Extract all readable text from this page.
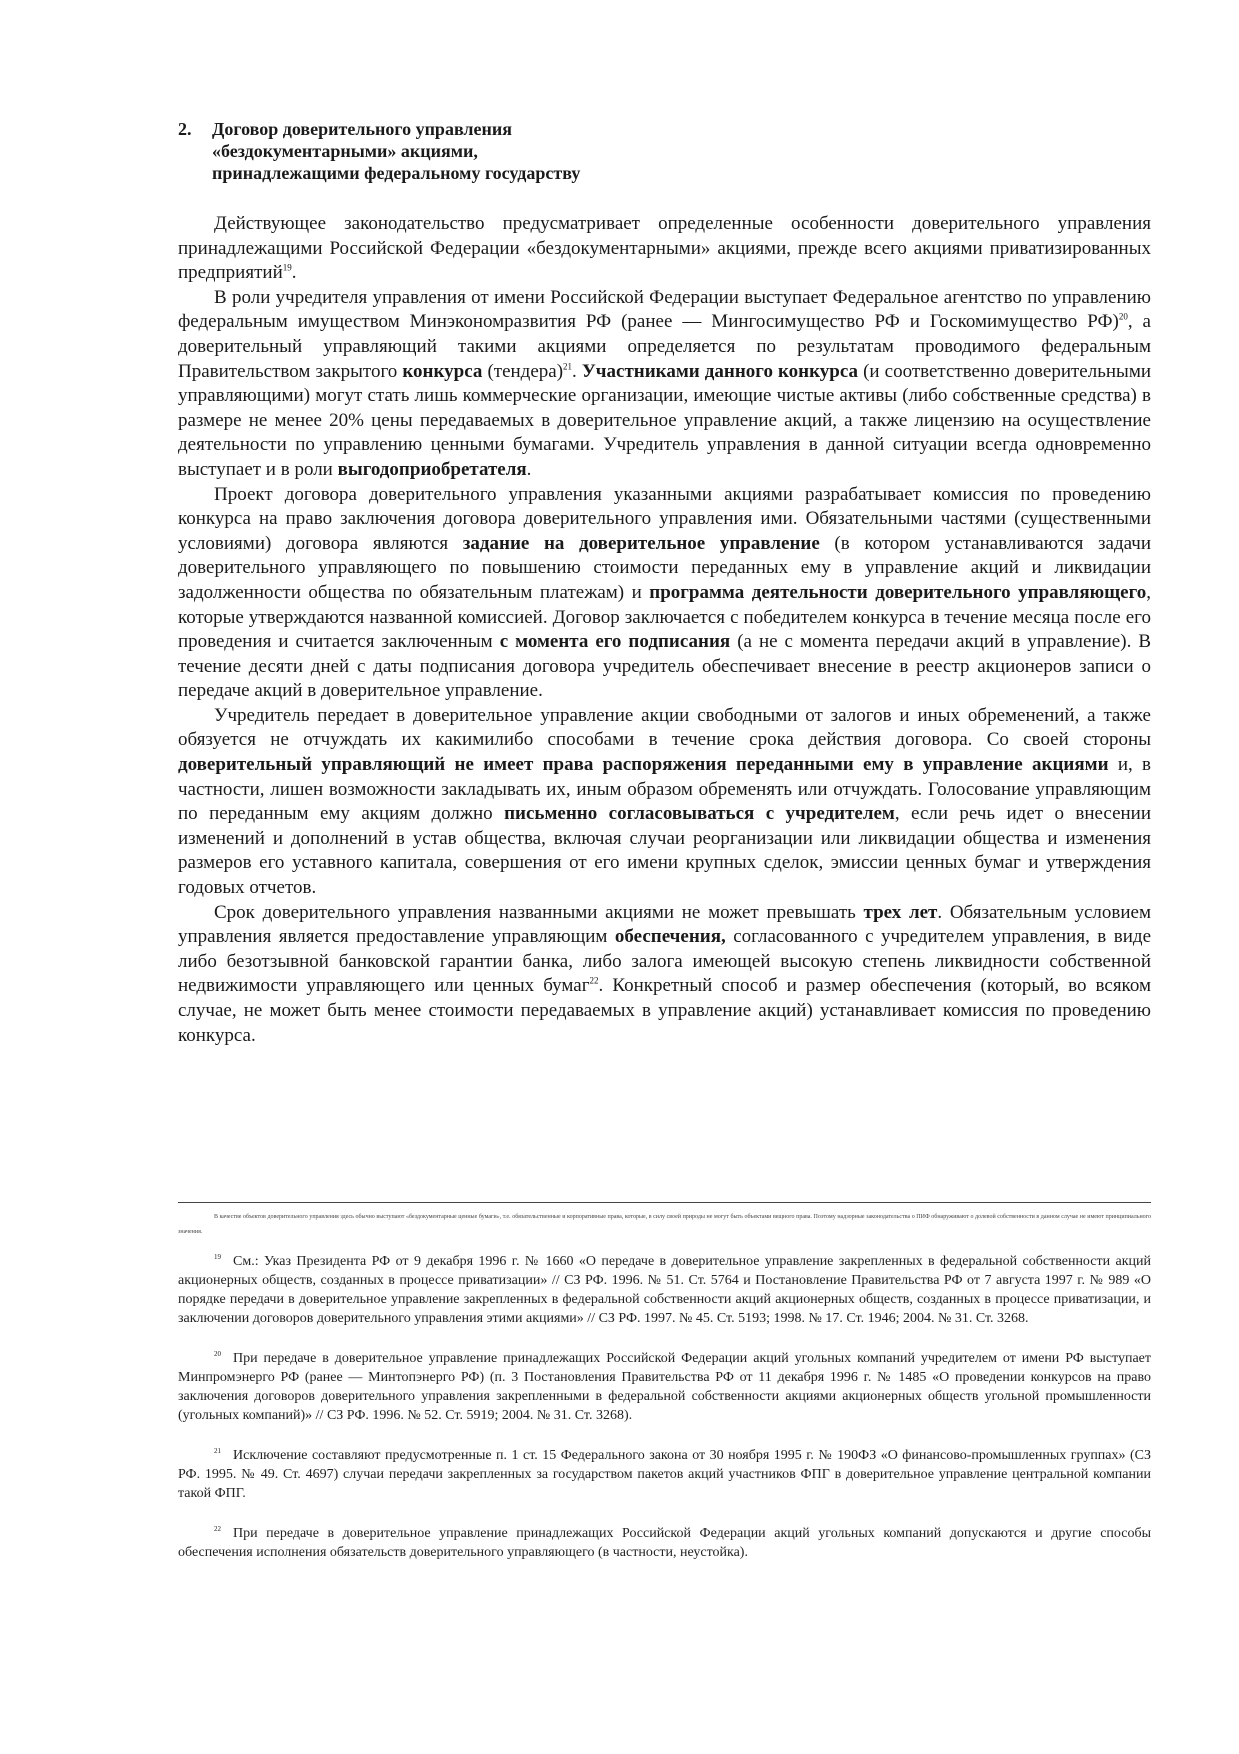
2.	Договор доверительного управления
«бездокументарными» акциями,
принадлежащими федеральному государству

Действующее законодательство предусматривает определенные особенности доверительного управления принадлежащими Российской Федерации «бездокументарными» акциями, прежде всего акциями приватизированных предприятий$^{19}$.

В роли учредителя управления от имени Российской Федерации выступает Федеральное агентство по управлению федеральным имуществом Минэкономразвития РФ (ранее — Мингосимущество РФ и Госкомимущество РФ)$^{20}$, а доверительный управляющий такими акциями определяется по результатам проводимого федеральным Правительством закрытого конкурса (тендера)$^{21}$. Участниками данного конкурса (и соответственно доверительными управляющими) могут стать лишь коммерческие организации, имеющие чистые активы (либо собственные средства) в размере не менее 20% цены передаваемых в доверительное управление акций, а также лицензию на осуществление деятельности по управлению ценными бумагами. Учредитель управления в данной ситуации всегда одновременно выступает и в роли выгодоприобретателя.

Проект договора доверительного управления указанными акциями разрабатывает комиссия по проведению конкурса на право заключения договора доверительного управления ими. Обязательными частями (существенными условиями) договора являются задание на доверительное управление (в котором устанавливаются задачи доверительного управляющего по повышению стоимости переданных ему в управление акций и ликвидации задолженности общества по обязательным платежам) и программа деятельности доверительного управляющего, которые утверждаются названной комиссией. Договор заключается с победителем конкурса в течение месяца после его проведения и считается заключенным с момента его подписания (а не с момента передачи акций в управление). В течение десяти дней с даты подписания договора учредитель обеспечивает внесение в реестр акционеров записи о передаче акций в доверительное управление.

Учредитель передает в доверительное управление акции свободными от залогов и иных обременений, а также обязуется не отчуждать их какимилибо способами в течение срока действия договора. Со своей стороны доверительный управляющий не имеет права распоряжения переданными ему в управление акциями и, в частности, лишен возможности закладывать их, иным образом обременять или отчуждать. Голосование управляющим по переданным ему акциям должно письменно согласовываться с учредителем, если речь идет о внесении изменений и дополнений в устав общества, включая случаи реорганизации или ликвидации общества и изменения размеров его уставного капитала, совершения от его имени крупных сделок, эмиссии ценных бумаг и утверждения годовых отчетов.

Срок доверительного управления названными акциями не может превышать трех лет. Обязательным условием управления является предоставление управляющим обеспечения, согласованного с учредителем управления, в виде либо безотзывной банковской гарантии банка, либо залога имеющей высокую степень ликвидности собственной недвижимости управляющего или ценных бумаг$^{22}$. Конкретный способ и размер обеспечения (который, во всяком случае, не может быть менее стоимости передаваемых в управление акций) устанавливает комиссия по проведению конкурса.

В качестве объектов доверительного управления здесь обычно выступают «бездокументарные ценные бумаги», т.е. обязательственные и корпоративные права, которые, в силу своей природы не могут быть объектами вещного права. Поэтому надзорные законодательства о ПИФ обнаруживают о долевой собственности в данном случае не имеют принципиального значения.

$^{19}$ См.: Указ Президента РФ от 9 декабря 1996 г. № 1660 «О передаче в доверительное управление закрепленных в федеральной собственности акций акционерных обществ, созданных в процессе приватизации» // СЗ РФ. 1996. № 51. Ст. 5764 и Постановление Правительства РФ от 7 августа 1997 г. № 989 «О порядке передачи в доверительное управление закрепленных в федеральной собственности акций акционерных обществ, созданных в процессе приватизации, и заключении договоров доверительного управления этими акциями» // СЗ РФ. 1997. № 45. Ст. 5193; 1998. № 17. Ст. 1946; 2004. № 31. Ст. 3268.

$^{20}$ При передаче в доверительное управление принадлежащих Российской Федерации акций угольных компаний учредителем от имени РФ выступает Минпромэнерго РФ (ранее — Минтопэнерго РФ) (п. 3 Постановления Правительства РФ от 11 декабря 1996 г. № 1485 «О проведении конкурсов на право заключения договоров доверительного управления закрепленными в федеральной собственности акциями акционерных обществ угольной промышленности (угольных компаний)» // СЗ РФ. 1996. № 52. Ст. 5919; 2004. № 31. Ст. 3268).

$^{21}$ Исключение составляют предусмотренные п. 1 ст. 15 Федерального закона от 30 ноября 1995 г. № 190ФЗ «О финансово-промышленных группах» (СЗ РФ. 1995. № 49. Ст. 4697) случаи передачи закрепленных за государством пакетов акций участников ФПГ в доверительное управление центральной компании такой ФПГ.

$^{22}$ При передаче в доверительное управление принадлежащих Российской Федерации акций угольных компаний допускаются и другие способы обеспечения исполнения обязательств доверительного управляющего (в частности, неустойка).
